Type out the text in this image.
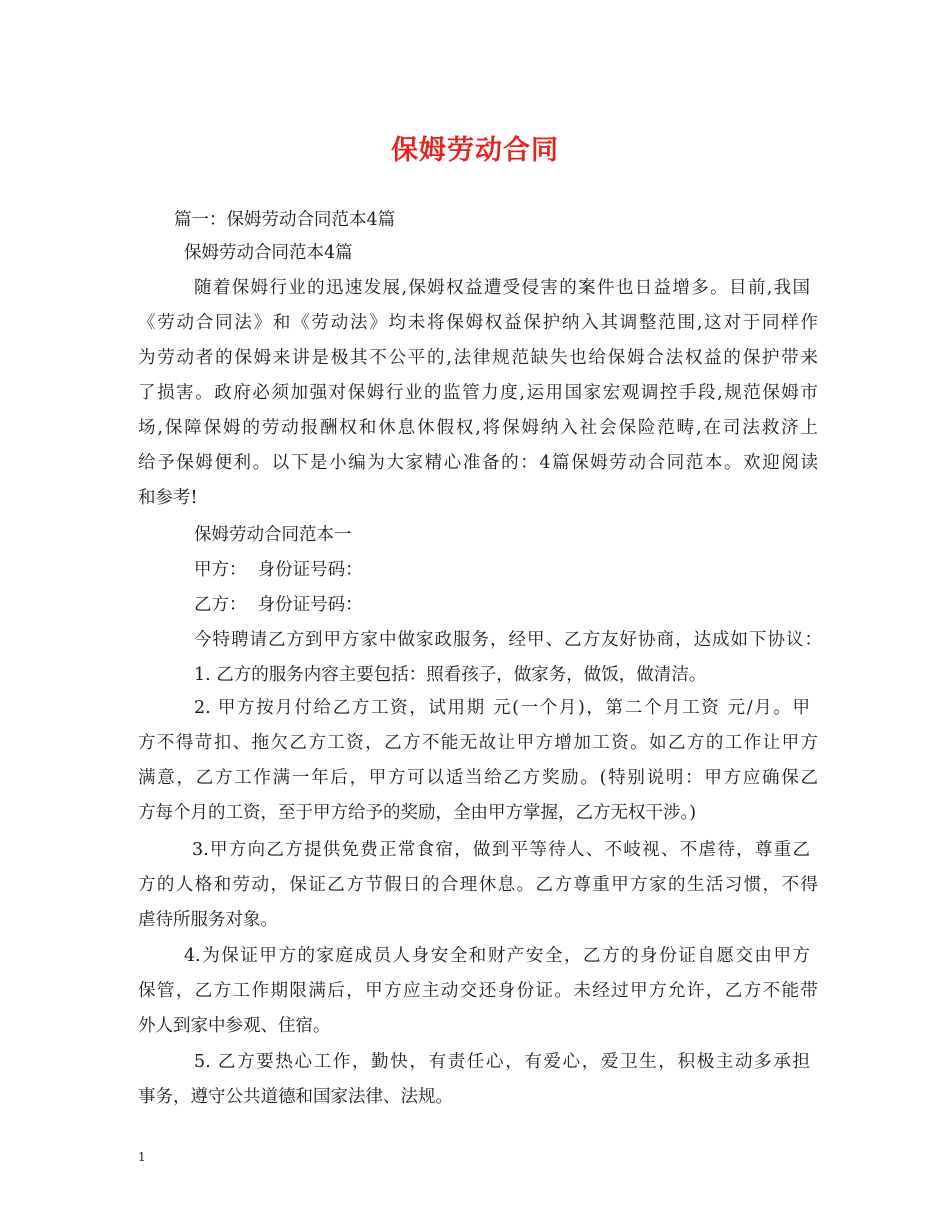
保姆劳动合同
篇一：保姆劳动合同范本4篇
保姆劳动合同范本4篇
随着保姆行业的迅速发展,保姆权益遭受侵害的案件也日益增多。目前,我国
《劳动合同法》和《劳动法》均未将保姆权益保护纳入其调整范围,这对于同样作
为劳动者的保姆来讲是极其不公平的,法律规范缺失也给保姆合法权益的保护带来
了损害。政府必须加强对保姆行业的监管力度,运用国家宏观调控手段,规范保姆市
场,保障保姆的劳动报酬权和休息休假权,将保姆纳入社会保险范畴,在司法救济上
给予保姆便利。以下是小编为大家精心准备的：4篇保姆劳动合同范本。欢迎阅读
和参考!
保姆劳动合同范本一
甲方：  身份证号码：
乙方：  身份证号码：
今特聘请乙方到甲方家中做家政服务，经甲、乙方友好协商，达成如下协议：
1. 乙方的服务内容主要包括：照看孩子，做家务，做饭，做清洁。
2. 甲方按月付给乙方工资，试用期 元(一个月)，第二个月工资 元/月。甲
方不得苛扣、拖欠乙方工资，乙方不能无故让甲方增加工资。如乙方的工作让甲方
满意，乙方工作满一年后，甲方可以适当给乙方奖励。(特别说明：甲方应确保乙
方每个月的工资，至于甲方给予的奖励，全由甲方掌握，乙方无权干涉。)
3.甲方向乙方提供免费正常食宿，做到平等待人、不岐视、不虐待，尊重乙
方的人格和劳动，保证乙方节假日的合理休息。乙方尊重甲方家的生活习惯，不得
虐待所服务对象。
4.为保证甲方的家庭成员人身安全和财产安全，乙方的身份证自愿交由甲方
保管，乙方工作期限满后，甲方应主动交还身份证。未经过甲方允许，乙方不能带
外人到家中参观、住宿。
5. 乙方要热心工作，勤快，有责任心，有爱心，爱卫生，积极主动多承担
事务，遵守公共道德和国家法律、法规。
1
